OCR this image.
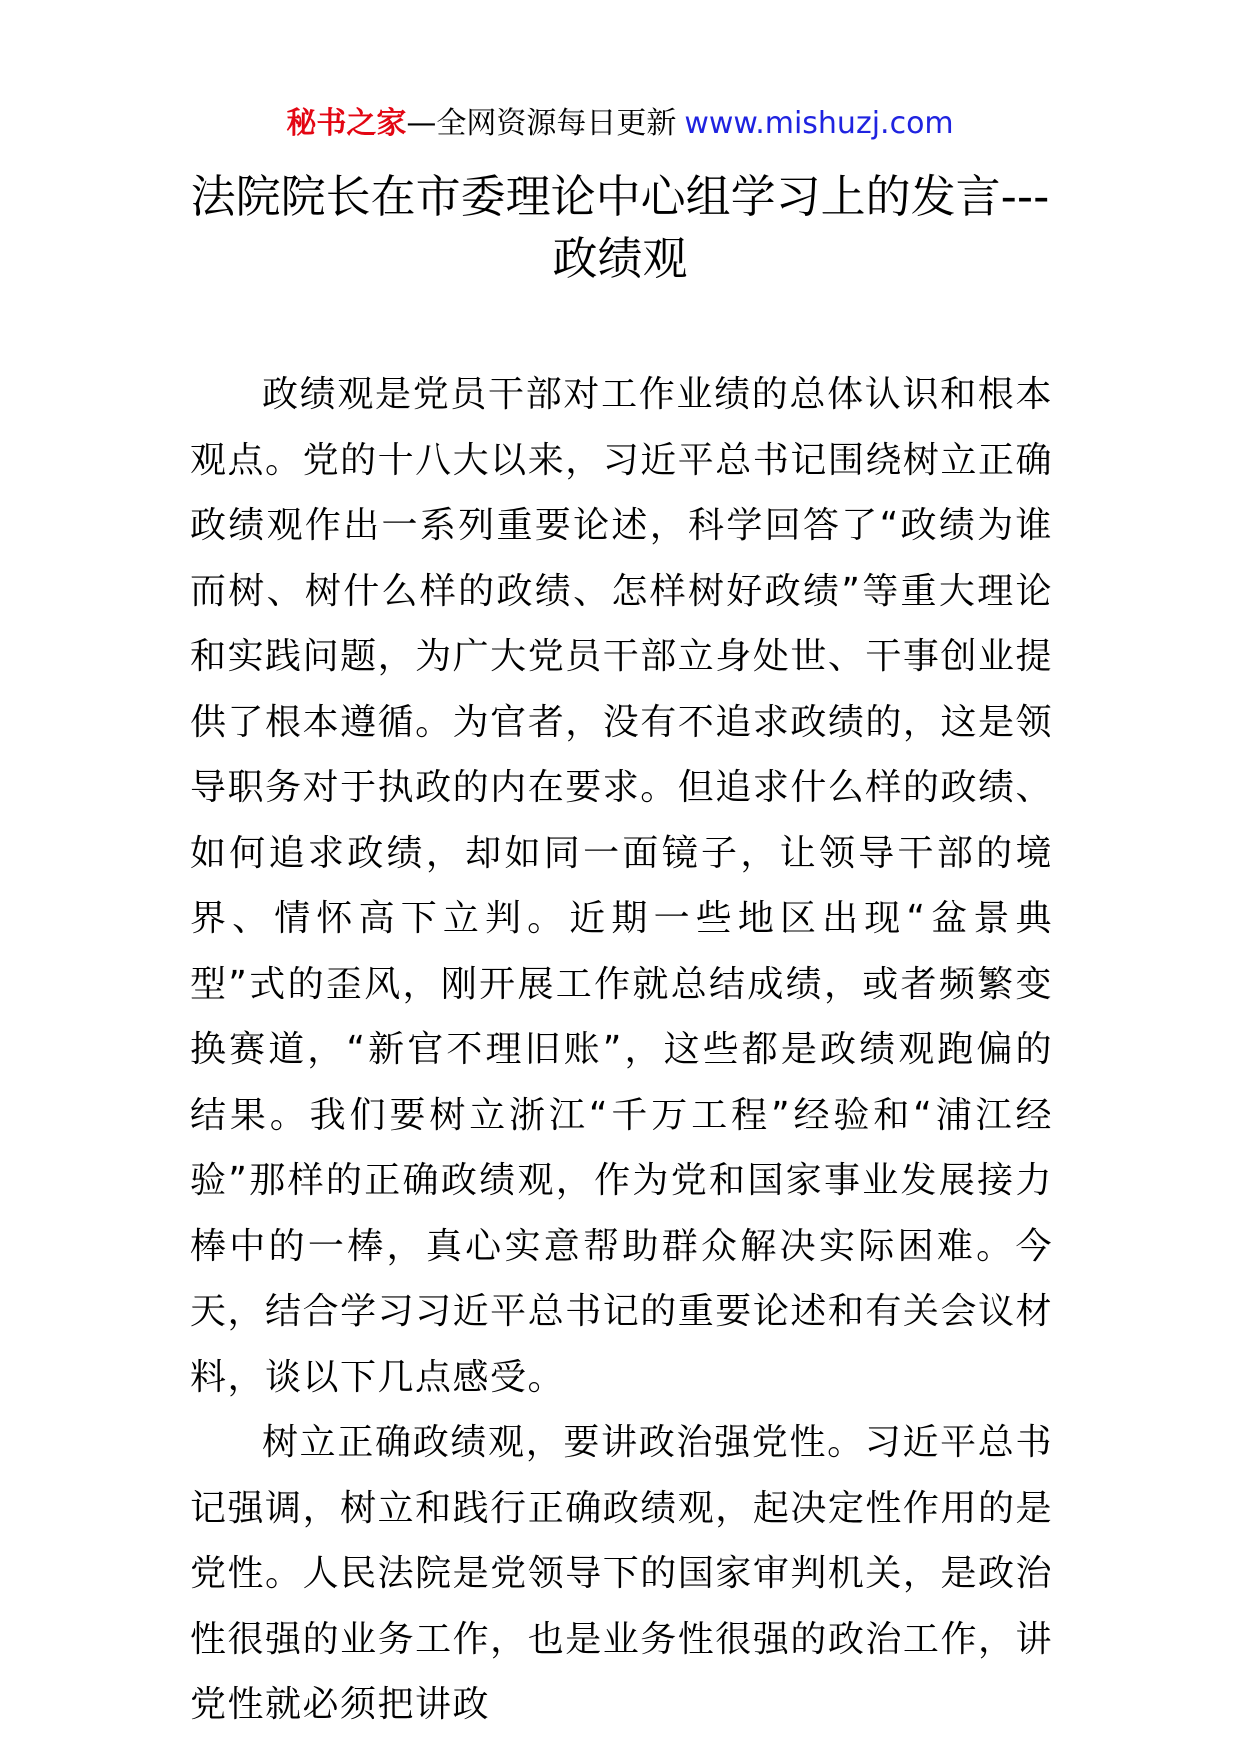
秘书之家—全网资源每日更新 www.mishuzj.com
法院院长在市委理论中心组学习上的发言---政绩观

政绩观是党员干部对工作业绩的总体认识和根本观点。党的十八大以来，习近平总书记围绕树立正确政绩观作出一系列重要论述，科学回答了“政绩为谁而树、树什么样的政绩、怎样树好政绩”等重大理论和实践问题，为广大党员干部立身处世、干事创业提供了根本遵循。为官者，没有不追求政绩的，这是领导职务对于执政的内在要求。但追求什么样的政绩、如何追求政绩，却如同一面镜子，让领导干部的境界、情怀高下立判。近期一些地区出现“盆景典型”式的歪风，刚开展工作就总结成绩，或者频繁变换赛道，“新官不理旧账”，这些都是政绩观跑偏的结果。我们要树立浙江“千万工程”经验和“浦江经验”那样的正确政绩观，作为党和国家事业发展接力棒中的一棒，真心实意帮助群众解决实际困难。今天，结合学习习近平总书记的重要论述和有关会议材料，谈以下几点感受。

树立正确政绩观，要讲政治强党性。习近平总书记强调，树立和践行正确政绩观，起决定性作用的是党性。人民法院是党领导下的国家审判机关，是政治性很强的业务工作，也是业务性很强的政治工作，讲党性就必须把讲政
